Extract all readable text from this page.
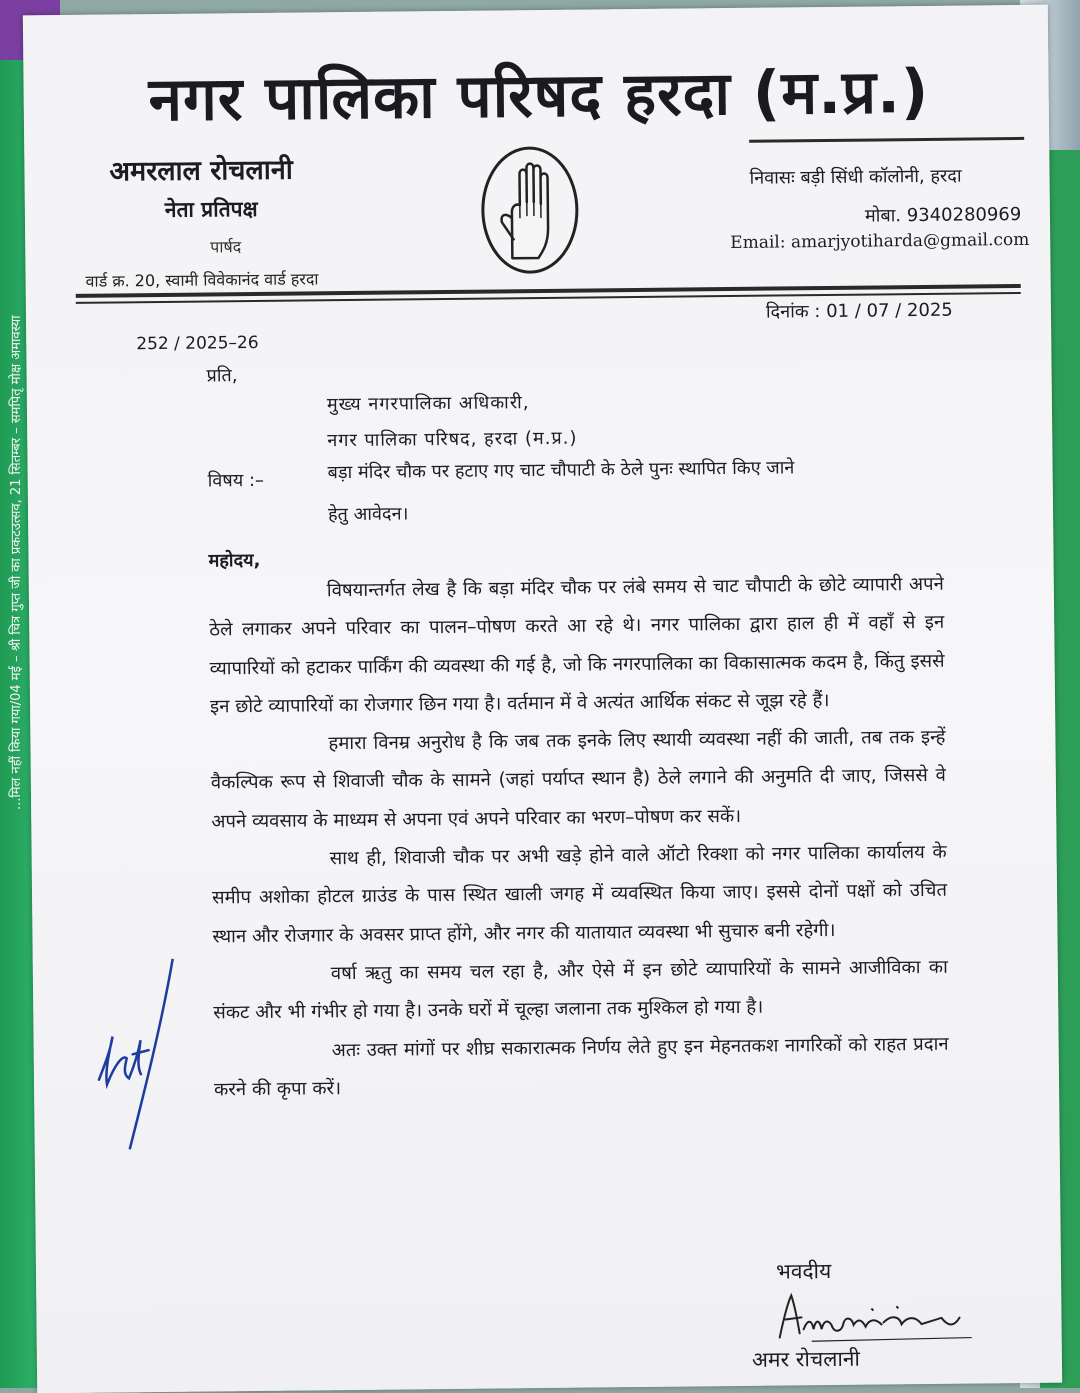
...मिल नहीं किया गया/04 मई – श्री चित्र गुप्त जी का प्रकटउत्सव, 21 सितम्बर – समपितृ मोक्ष अमावस्या
नगर पालिका परिषद हरदा (म.प्र.)
अमरलाल रोचलानी
नेता प्रतिपक्ष
पार्षद
वार्ड क्र. 20, स्वामी विवेकानंद वार्ड हरदा
निवासः बड़ी सिंधी कॉलोनी, हरदा
मोबा. 9340280969
Email: amarjyotiharda@gmail.com
252 / 2025–26
दिनांक : 01 / 07 / 2025
प्रति,
मुख्य नगरपालिका अधिकारी,
नगर पालिका परिषद, हरदा (म.प्र.)
विषय :–	बड़ा मंदिर चौक पर हटाए गए चाट चौपाटी के ठेले पुनः स्थापित किए जाने
हेतु आवेदन।
महोदय,

विषयान्तर्गत लेख है कि बड़ा मंदिर चौक पर लंबे समय से चाट चौपाटी के छोटे व्यापारी अपने ठेले लगाकर अपने परिवार का पालन–पोषण करते आ रहे थे। नगर पालिका द्वारा हाल ही में वहाँ से इन व्यापारियों को हटाकर पार्किंग की व्यवस्था की गई है, जो कि नगरपालिका का विकासात्मक कदम है, किंतु इससे इन छोटे व्यापारियों का रोजगार छिन गया है। वर्तमान में वे अत्यंत आर्थिक संकट से जूझ रहे हैं।

हमारा विनम्र अनुरोध है कि जब तक इनके लिए स्थायी व्यवस्था नहीं की जाती, तब तक इन्हें वैकल्पिक रूप से शिवाजी चौक के सामने (जहां पर्याप्त स्थान है) ठेले लगाने की अनुमति दी जाए, जिससे वे अपने व्यवसाय के माध्यम से अपना एवं अपने परिवार का भरण–पोषण कर सकें।

साथ ही, शिवाजी चौक पर अभी खड़े होने वाले ऑटो रिक्शा को नगर पालिका कार्यालय के समीप अशोका होटल ग्राउंड के पास स्थित खाली जगह में व्यवस्थित किया जाए। इससे दोनों पक्षों को उचित स्थान और रोजगार के अवसर प्राप्त होंगे, और नगर की यातायात व्यवस्था भी सुचारु बनी रहेगी।

वर्षा ऋतु का समय चल रहा है, और ऐसे में इन छोटे व्यापारियों के सामने आजीविका का संकट और भी गंभीर हो गया है। उनके घरों में चूल्हा जलाना तक मुश्किल हो गया है।

अतः उक्त मांगों पर शीघ्र सकारात्मक निर्णय लेते हुए इन मेहनतकश नागरिकों को राहत प्रदान करने की कृपा करें।

भवदीय
अमर रोचलानी
